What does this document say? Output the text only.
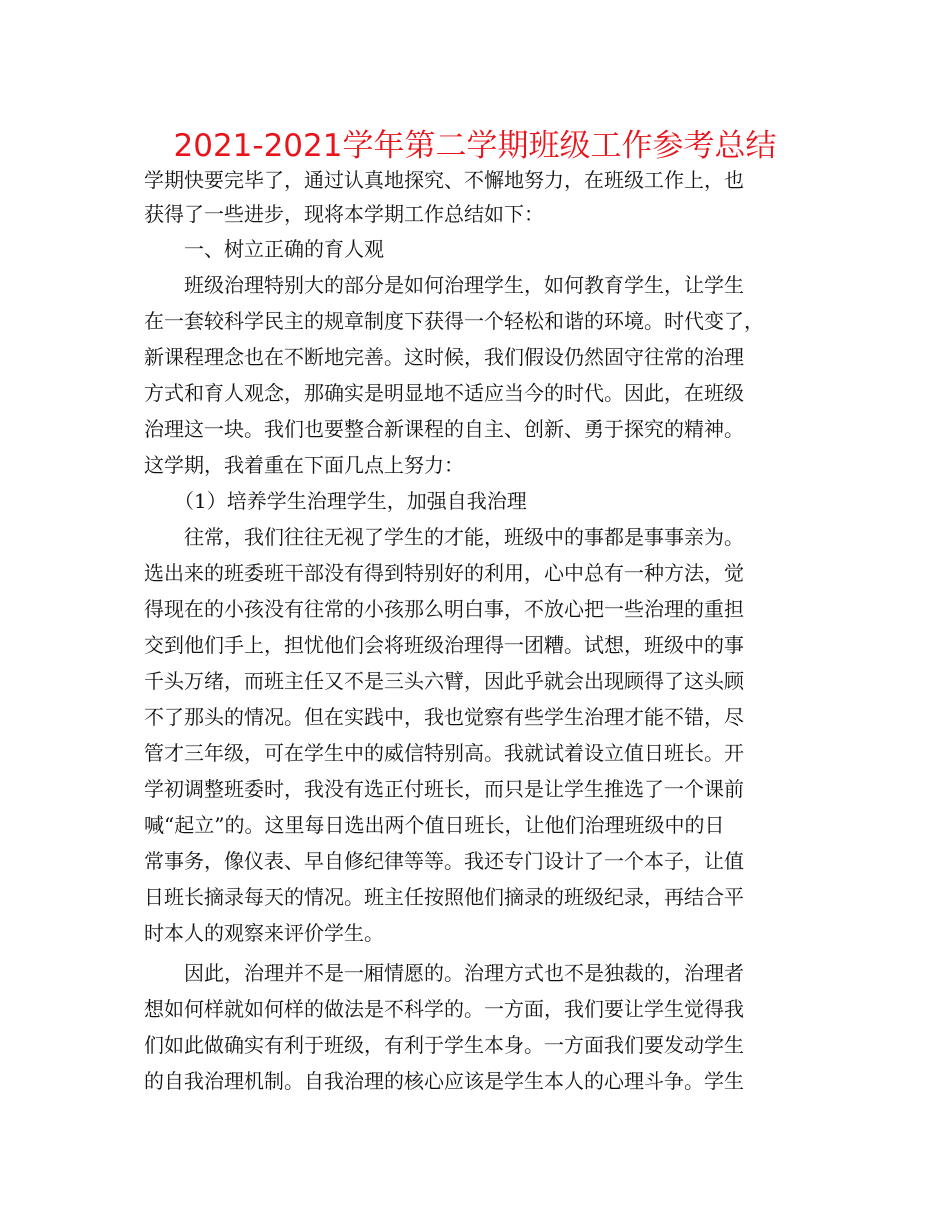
2021-2021学年第二学期班级工作参考总结

学期快要完毕了，通过认真地探究、不懈地努力，在班级工作上，也

获得了一些进步，现将本学期工作总结如下：

　　一、树立正确的育人观

　　班级治理特别大的部分是如何治理学生，如何教育学生，让学生

在一套较科学民主的规章制度下获得一个轻松和谐的环境。时代变了，

新课程理念也在不断地完善。这时候，我们假设仍然固守往常的治理

方式和育人观念，那确实是明显地不适应当今的时代。因此，在班级

治理这一块。我们也要整合新课程的自主、创新、勇于探究的精神。

这学期，我着重在下面几点上努力：

　　（1）培养学生治理学生，加强自我治理

　　往常，我们往往无视了学生的才能，班级中的事都是事事亲为。

选出来的班委班干部没有得到特别好的利用，心中总有一种方法，觉

得现在的小孩没有往常的小孩那么明白事，不放心把一些治理的重担

交到他们手上，担忧他们会将班级治理得一团糟。试想，班级中的事

千头万绪，而班主任又不是三头六臂，因此乎就会出现顾得了这头顾

不了那头的情况。但在实践中，我也觉察有些学生治理才能不错，尽

管才三年级，可在学生中的威信特别高。我就试着设立值日班长。开

学初调整班委时，我没有选正付班长，而只是让学生推选了一个课前

喊“起立”的。这里每日选出两个值日班长，让他们治理班级中的日

常事务，像仪表、早自修纪律等等。我还专门设计了一个本子，让值

日班长摘录每天的情况。班主任按照他们摘录的班级纪录，再结合平

时本人的观察来评价学生。

　　因此，治理并不是一厢情愿的。治理方式也不是独裁的，治理者

想如何样就如何样的做法是不科学的。一方面，我们要让学生觉得我

们如此做确实有利于班级，有利于学生本身。一方面我们要发动学生

的自我治理机制。自我治理的核心应该是学生本人的心理斗争。学生
